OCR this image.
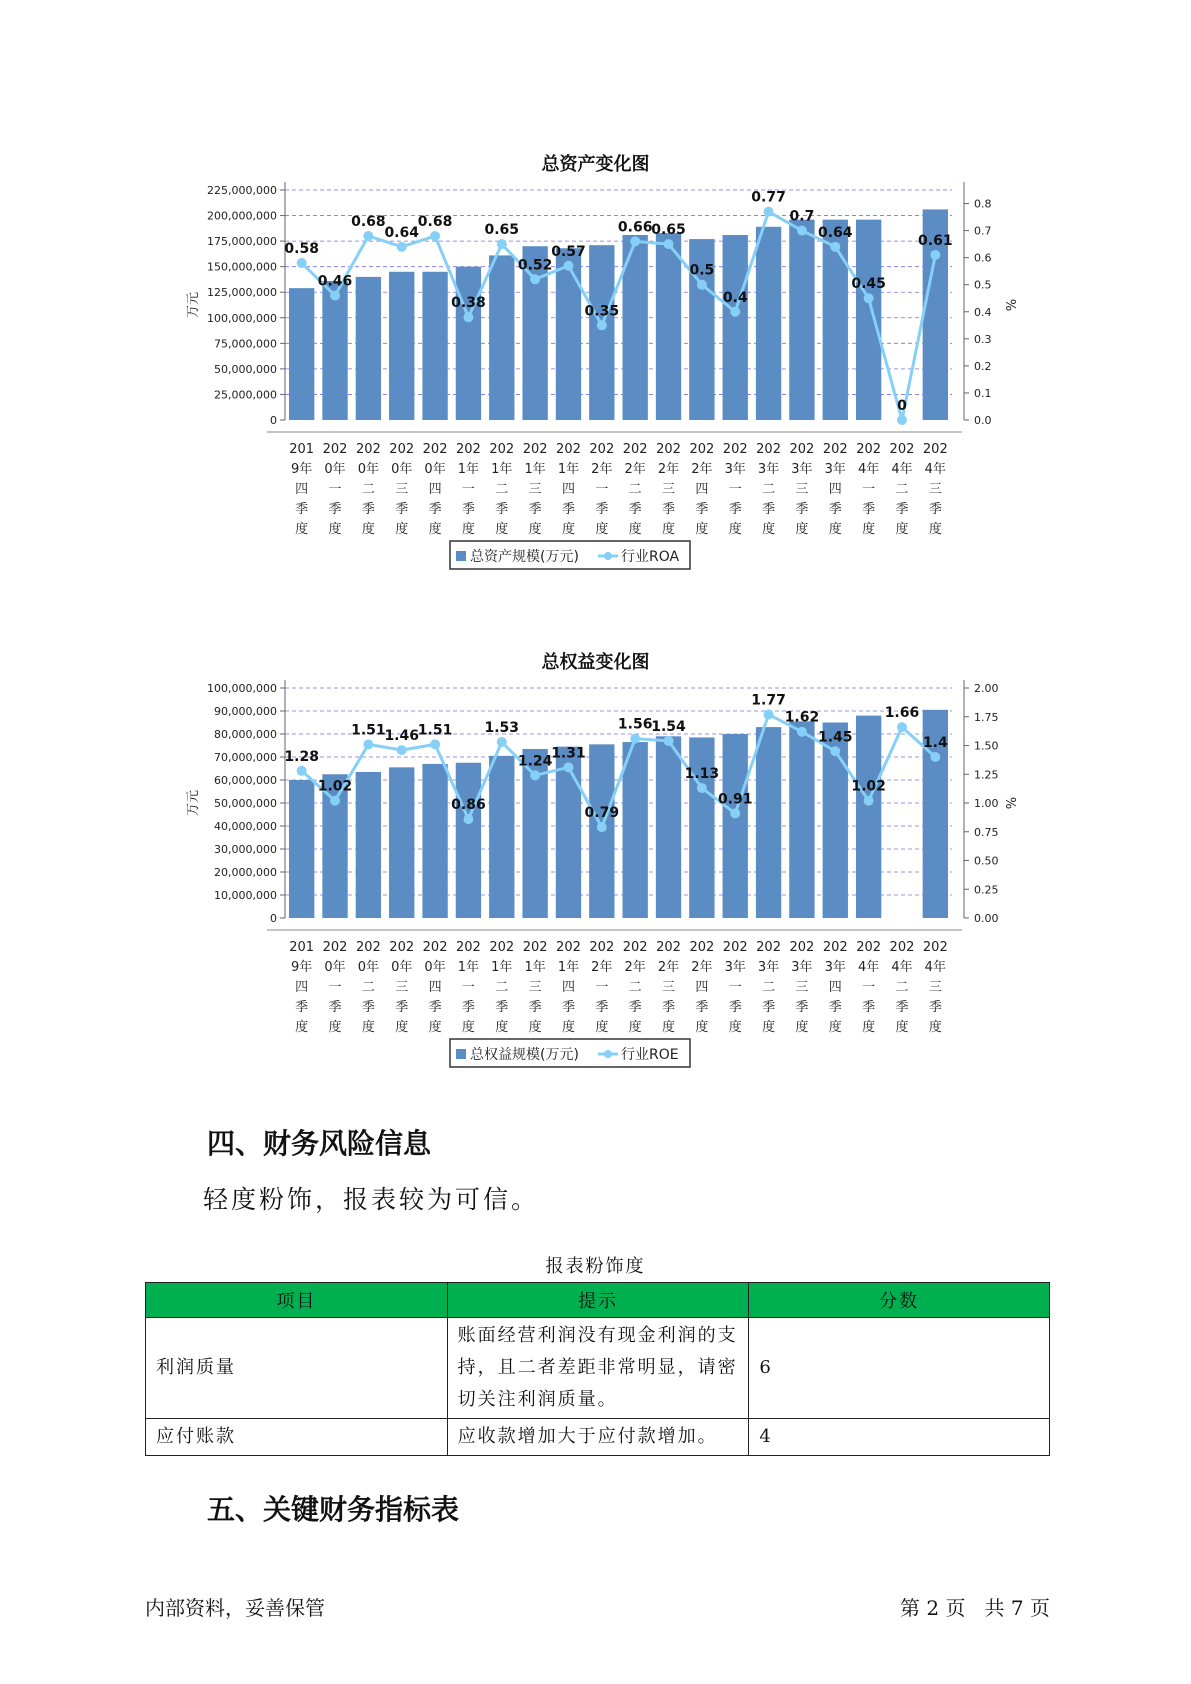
总资产变化图
0
25,000,000
50,000,000
75,000,000
100,000,000
125,000,000
150,000,000
175,000,000
200,000,000
225,000,000
0.0
0.1
0.2
0.3
0.4
0.5
0.6
0.7
0.8
万元	%
0.58
0.46
0.68
0.64
0.68
0.38
0.65
0.52
0.57
0.35
0.66
0.65
0.5
0.4
0.77
0.7
0.64
0.45
0
0.61
201
9年
四
季
度
202
0年
一
季
度
202
0年
二
季
度
202
0年
三
季
度
202
0年
四
季
度
202
1年
一
季
度
202
1年
二
季
度
202
1年
三
季
度
202
1年
四
季
度
202
2年
一
季
度
202
2年
二
季
度
202
2年
三
季
度
202
2年
四
季
度
202
3年
一
季
度
202
3年
二
季
度
202
3年
三
季
度
202
3年
四
季
度
202
4年
一
季
度
202
4年
二
季
度
202
4年
三
季
度
总资产规模(万元)	行业ROA
总权益变化图
0
10,000,000
20,000,000
30,000,000
40,000,000
50,000,000
60,000,000
70,000,000
80,000,000
90,000,000
100,000,000
0.00
0.25
0.50
0.75
1.00
1.25
1.50
1.75
2.00
万元	%
1.28
1.02
1.51
1.46
1.51
0.86
1.53
1.24
1.31
0.79
1.56
1.54
1.13
0.91
1.77
1.62
1.45
1.02
1.66
1.4
201
9年
四
季
度
202
0年
一
季
度
202
0年
二
季
度
202
0年
三
季
度
202
0年
四
季
度
202
1年
一
季
度
202
1年
二
季
度
202
1年
三
季
度
202
1年
四
季
度
202
2年
一
季
度
202
2年
二
季
度
202
2年
三
季
度
202
2年
四
季
度
202
3年
一
季
度
202
3年
二
季
度
202
3年
三
季
度
202
3年
四
季
度
202
4年
一
季
度
202
4年
二
季
度
202
4年
三
季
度
总权益规模(万元)	行业ROE
四、财务风险信息
轻度粉饰，报表较为可信。
报表粉饰度
项目	提示	分数
利润质量	账面经营利润没有现金利润的支持，且二者差距非常明显，请密切关注利润质量。	6
应付账款	应收款增加大于应付款增加。	4
五、关键财务指标表
内部资料，妥善保管	第 2 页   共 7 页
